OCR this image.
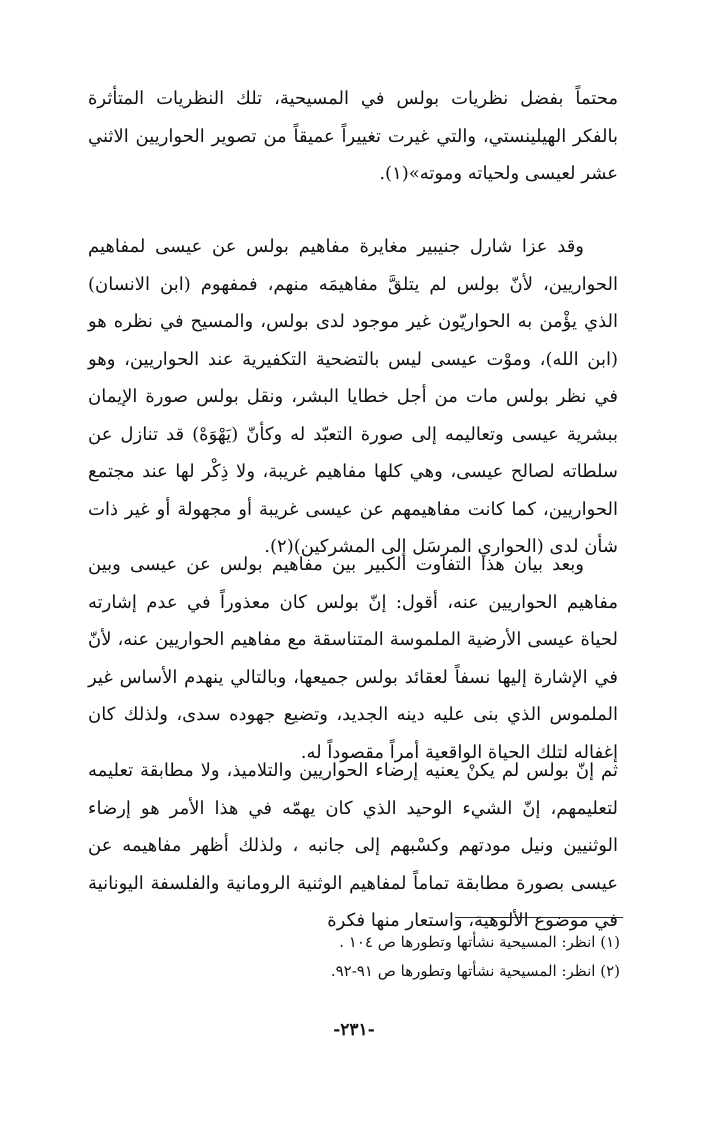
محتماً بفضل نظريات بولس في المسيحية، تلك النظريات المتأثرة بالفكر الهيلينستي، والتي غيرت تغييراً عميقاً من تصوير الحواريين الاثني عشر لعيسى ولحياته وموته»(١).

وقد عزا شارل جنيبير مغايرة مفاهيم بولس عن عيسى لمفاهيم الحواريين، لأنّ بولس لم يتلقَّ مفاهيمَه منهم، فمفهوم (ابن الانسان) الذي يؤْمن به الحواريّون غير موجود لدى بولس، والمسيح في نظره هو (ابن الله)، وموْت عيسى ليس بالتضحية التكفيرية عند الحواريين، وهو في نظر بولس مات من أجل خطايا البشر، ونقل بولس صورة الإيمان ببشرية عيسى وتعاليمه إلى صورة التعبّد له وكأنّ (يَهْوَهْ) قد تنازل عن سلطاته لصالح عيسى، وهي كلها مفاهيم غريبة، ولا ذِكْر لها عند مجتمع الحواريين، كما كانت مفاهيمهم عن عيسى غريبة أو مجهولة أو غير ذات شأن لدى (الحواري المرسَل إلى المشركين)(٢).

وبعد بيان هذا التفاوت الكبير بين مفاهيم بولس عن عيسى وبين مفاهيم الحواريين عنه، أقول: إنّ بولس كان معذوراً في عدم إشارته لحياة عيسى الأرضية الملموسة المتناسقة مع مفاهيم الحواريين عنه، لأنّ في الإشارة إليها نسفاً لعقائد بولس جميعها، وبالتالي ينهدم الأساس غير الملموس الذي بنى عليه دينه الجديد، وتضيع جهوده سدى، ولذلك كان إغفاله لتلك الحياة الواقعية أمراً مقصوداً له.

ثم إنّ بولس لم يكنْ يعنيه إرضاء الحواريين والتلاميذ، ولا مطابقة تعليمه لتعليمهم، إنّ الشيء الوحيد الذي كان يهمّه في هذا الأمر هو إرضاء الوثنيين ونيل مودتهم وكسْبهم إلى جانبه ، ولذلك أظهر مفاهيمه عن عيسى بصورة مطابقة تماماً لمفاهيم الوثنية الرومانية والفلسفة اليونانية في موضوع الألوهية، واستعار منها فكرة

(١) انظر: المسيحية نشأتها وتطورها ص ١٠٤ .

(٢) انظر: المسيحية نشأتها وتطورها ص ٩١-٩٢.

-٢٣١-
